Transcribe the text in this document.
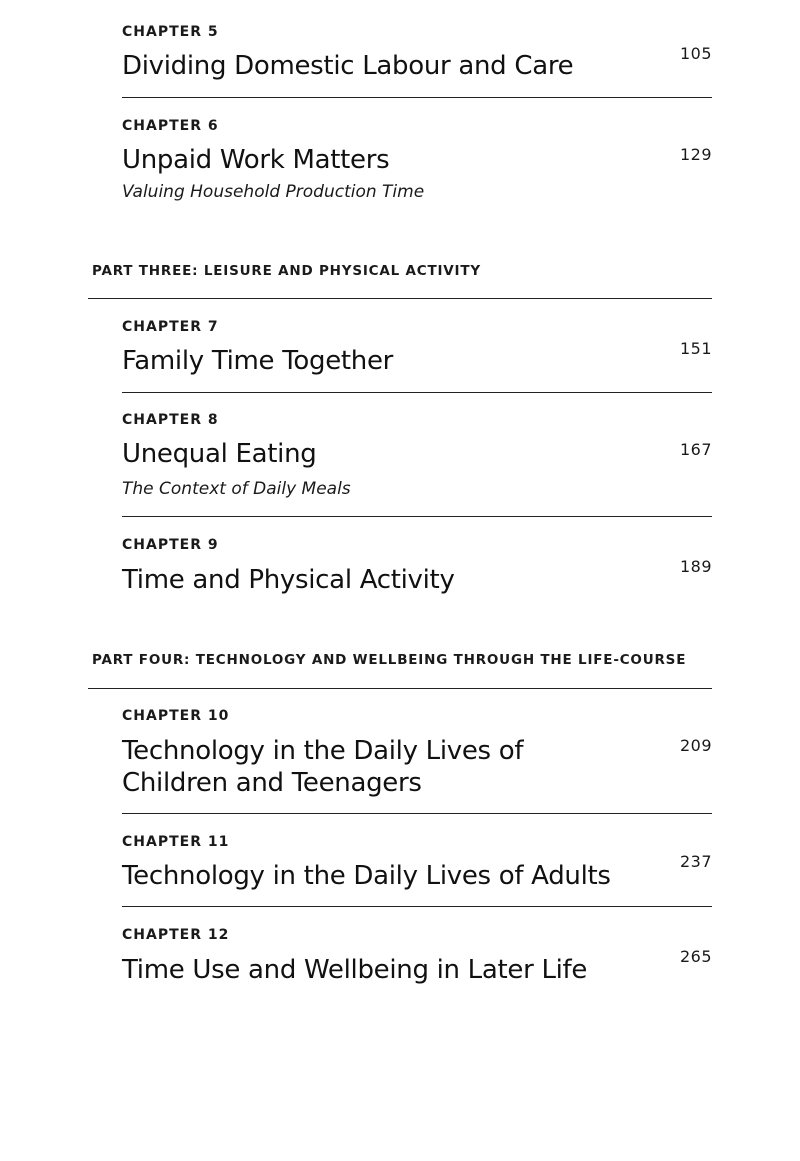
CHAPTER 5
Dividing Domestic Labour and Care	105
CHAPTER 6
Unpaid Work Matters
Valuing Household Production Time
129
PART THREE: LEISURE AND PHYSICAL ACTIVITY
CHAPTER 7
Family Time Together	151
CHAPTER 8
Unequal Eating
The Context of Daily Meals
167
CHAPTER 9
Time and Physical Activity	189
PART FOUR: TECHNOLOGY AND WELLBEING THROUGH THE LIFE-COURSE
CHAPTER 10
Technology in the Daily Lives of Children and Teenagers
209
CHAPTER 11
Technology in the Daily Lives of Adults	237
CHAPTER 12
Time Use and Wellbeing in Later Life	265
